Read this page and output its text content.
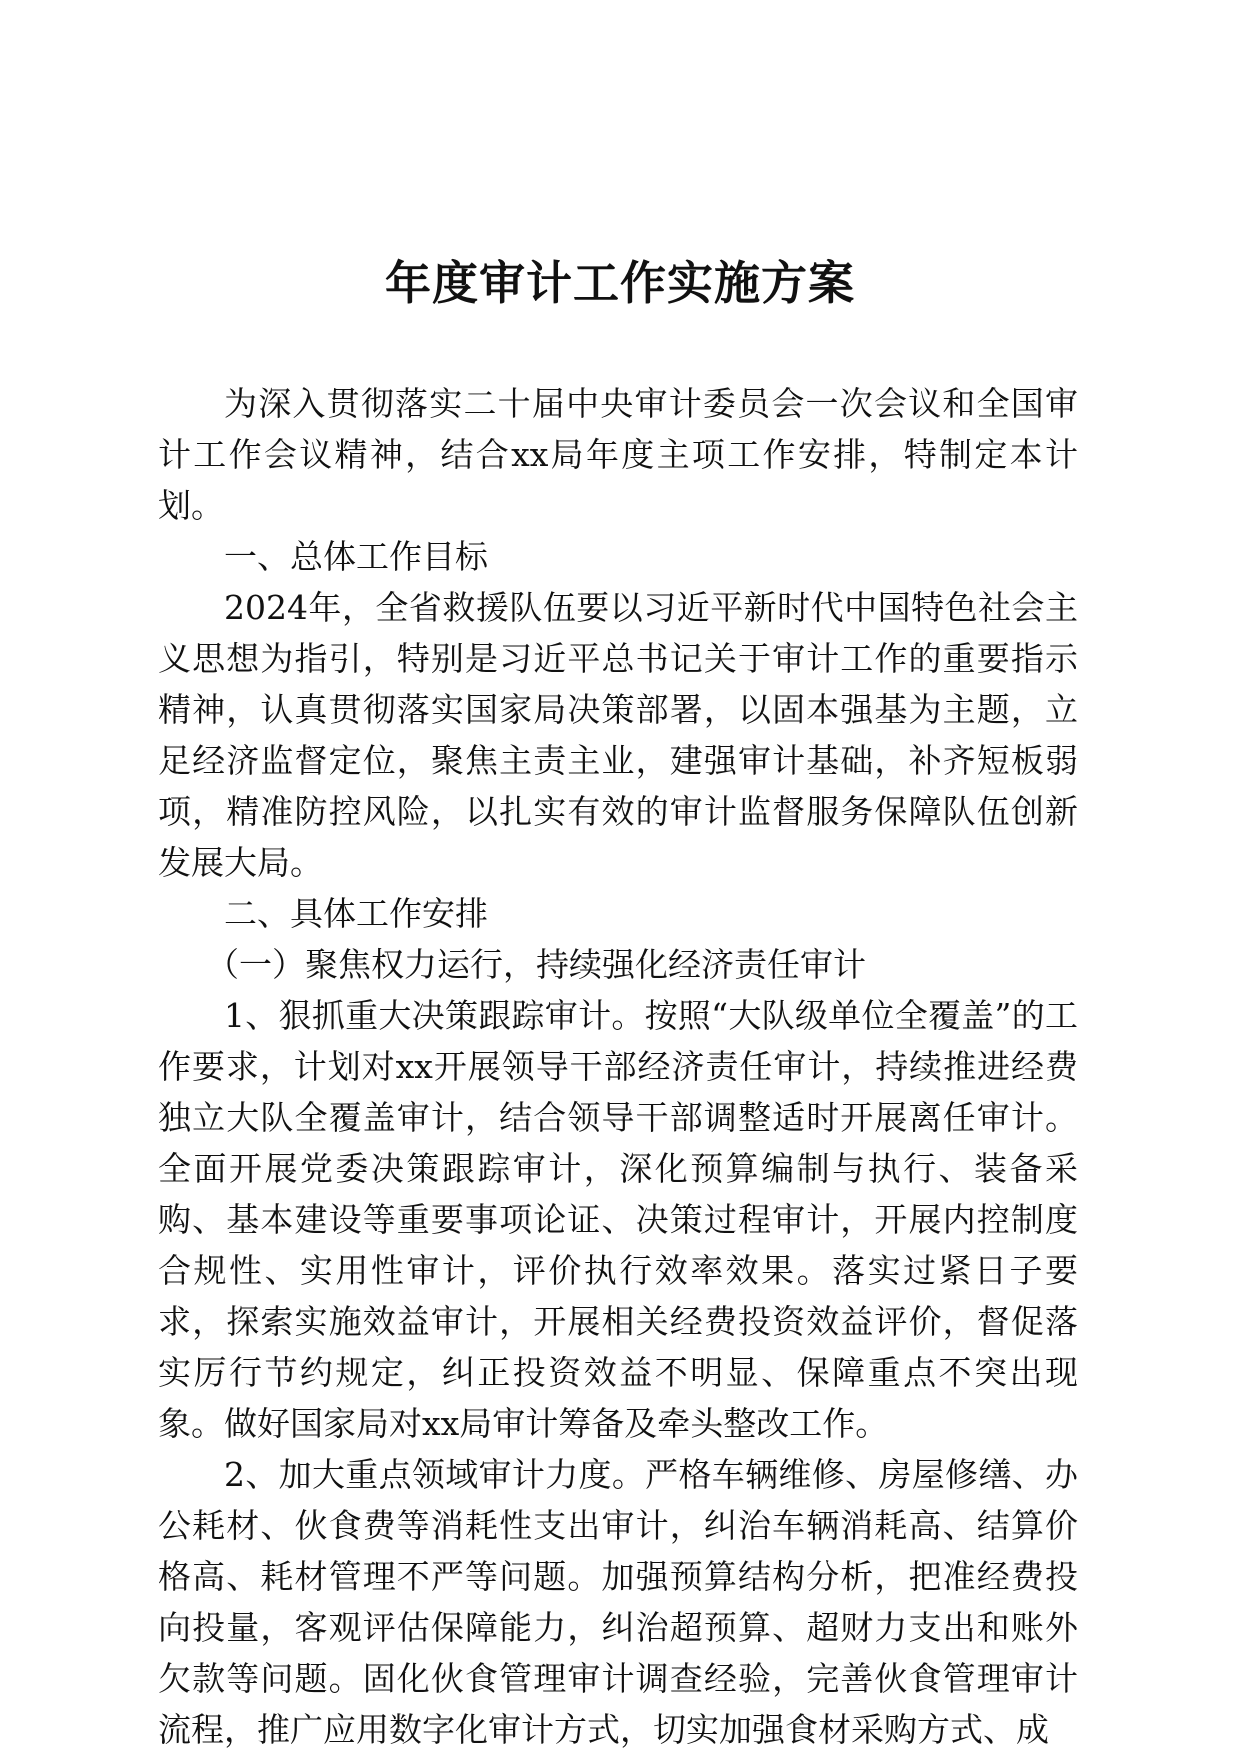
年度审计工作实施方案

为深入贯彻落实二十届中央审计委员会一次会议和全国审计工作会议精神，结合xx局年度主项工作安排，特制定本计划。

一、总体工作目标

2024年，全省救援队伍要以习近平新时代中国特色社会主义思想为指引，特别是习近平总书记关于审计工作的重要指示精神，认真贯彻落实国家局决策部署，以固本强基为主题，立足经济监督定位，聚焦主责主业，建强审计基础，补齐短板弱项，精准防控风险，以扎实有效的审计监督服务保障队伍创新发展大局。

二、具体工作安排

（一）聚焦权力运行，持续强化经济责任审计

1、狠抓重大决策跟踪审计。按照“大队级单位全覆盖”的工作要求，计划对xx开展领导干部经济责任审计，持续推进经费独立大队全覆盖审计，结合领导干部调整适时开展离任审计。全面开展党委决策跟踪审计，深化预算编制与执行、装备采购、基本建设等重要事项论证、决策过程审计，开展内控制度合规性、实用性审计，评价执行效率效果。落实过紧日子要求，探索实施效益审计，开展相关经费投资效益评价，督促落实厉行节约规定，纠正投资效益不明显、保障重点不突出现象。做好国家局对xx局审计筹备及牵头整改工作。

2、加大重点领域审计力度。严格车辆维修、房屋修缮、办公耗材、伙食费等消耗性支出审计，纠治车辆消耗高、结算价格高、耗材管理不严等问题。加强预算结构分析，把准经费投向投量，客观评估保障能力，纠治超预算、超财力支出和账外欠款等问题。固化伙食管理审计调查经验，完善伙食管理审计流程，推广应用数字化审计方式，切实加强食材采购方式、成
